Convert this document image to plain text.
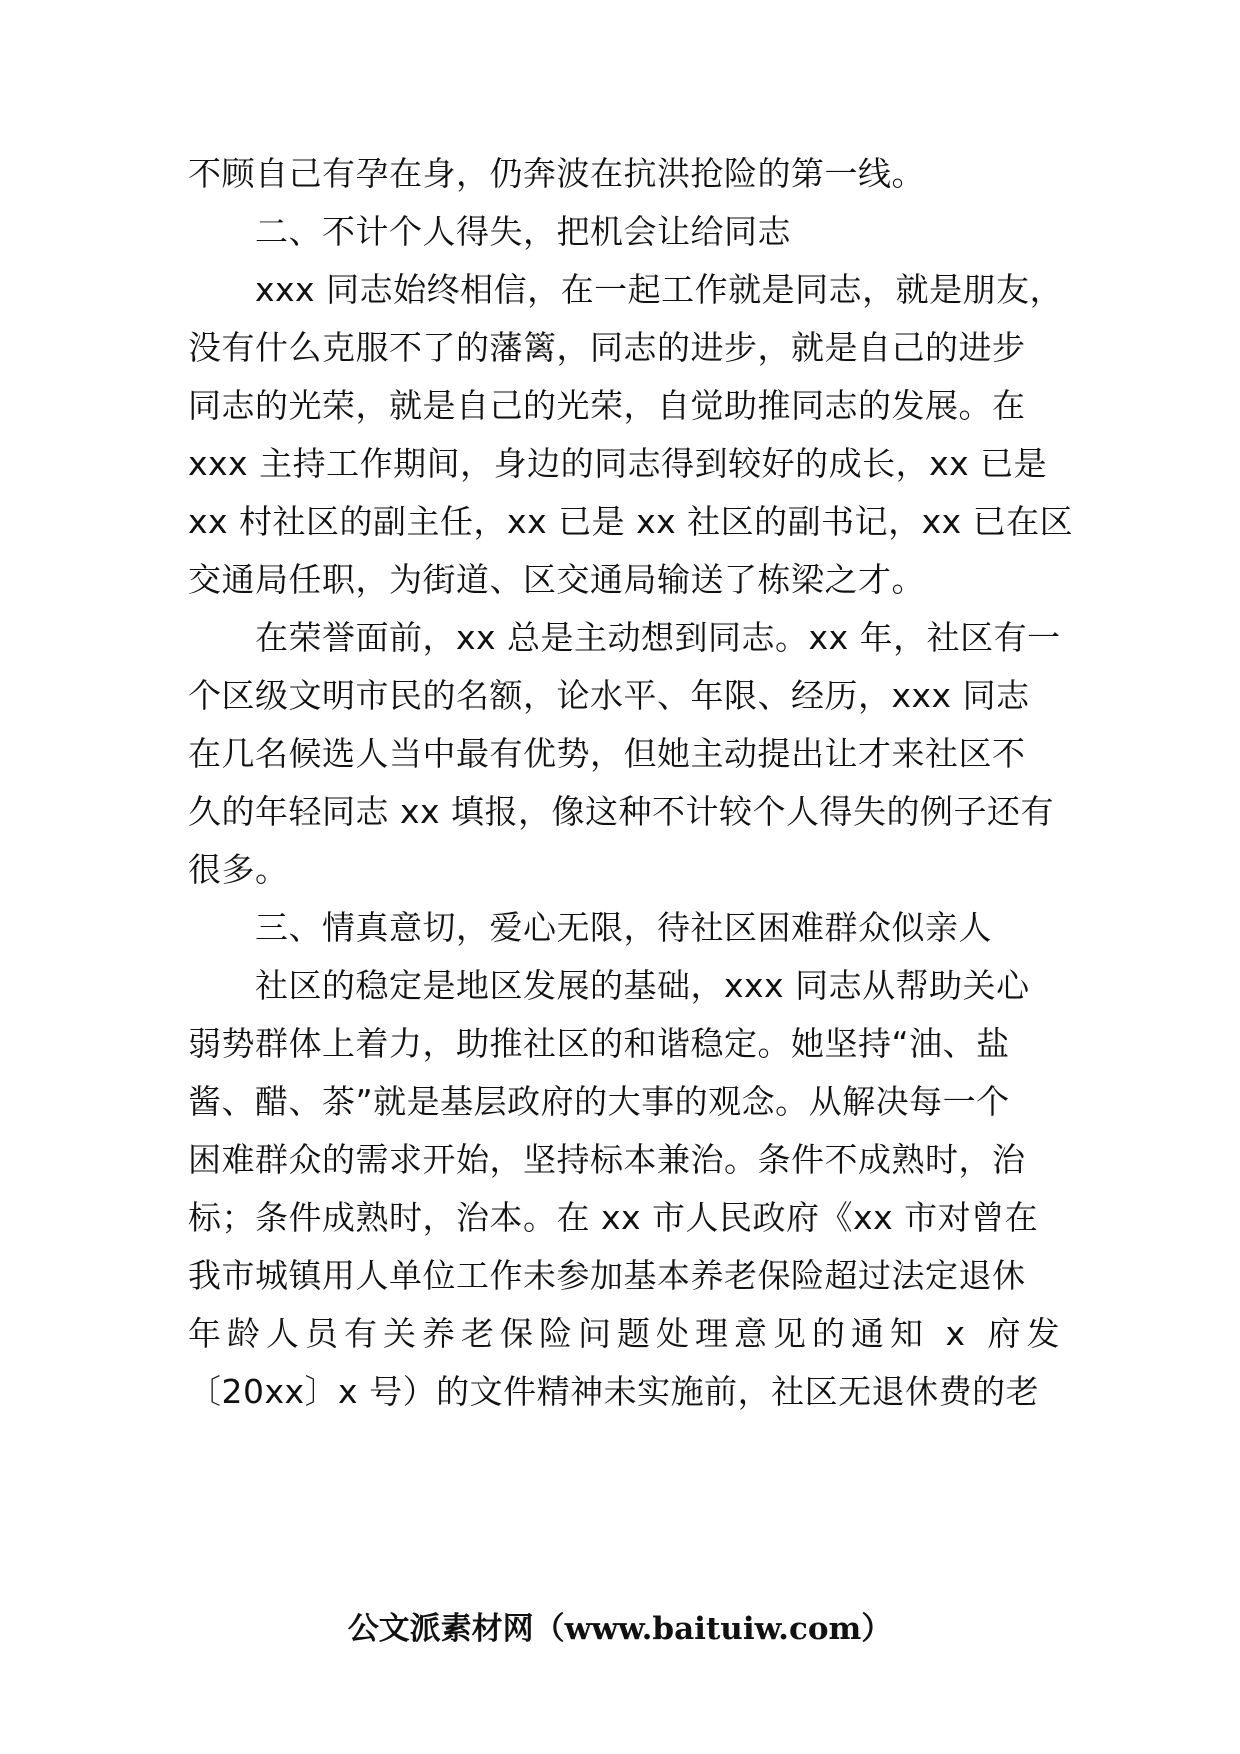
不顾自己有孕在身，仍奔波在抗洪抢险的第一线。
二、不计个人得失，把机会让给同志
xxx 同志始终相信，在一起工作就是同志，就是朋友，
没有什么克服不了的藩篱，同志的进步，就是自己的进步
同志的光荣，就是自己的光荣，自觉助推同志的发展。在
xxx 主持工作期间，身边的同志得到较好的成长，xx 已是
xx 村社区的副主任，xx 已是 xx 社区的副书记，xx 已在区
交通局任职，为街道、区交通局输送了栋梁之才。
在荣誉面前，xx 总是主动想到同志。xx 年，社区有一
个区级文明市民的名额，论水平、年限、经历，xxx 同志
在几名候选人当中最有优势，但她主动提出让才来社区不
久的年轻同志 xx 填报，像这种不计较个人得失的例子还有
很多。
三、情真意切，爱心无限，待社区困难群众似亲人
社区的稳定是地区发展的基础，xxx 同志从帮助关心
弱势群体上着力，助推社区的和谐稳定。她坚持“油、盐
酱、醋、茶”就是基层政府的大事的观念。从解决每一个
困难群众的需求开始，坚持标本兼治。条件不成熟时，治
标；条件成熟时，治本。在 xx 市人民政府《xx 市对曾在
我市城镇用人单位工作未参加基本养老保险超过法定退休
年龄人员有关养老保险问题处理意见的通知 x 府发
〔20xx〕x 号）的文件精神未实施前，社区无退休费的老
公文派素材网（www.baituiw.com）
